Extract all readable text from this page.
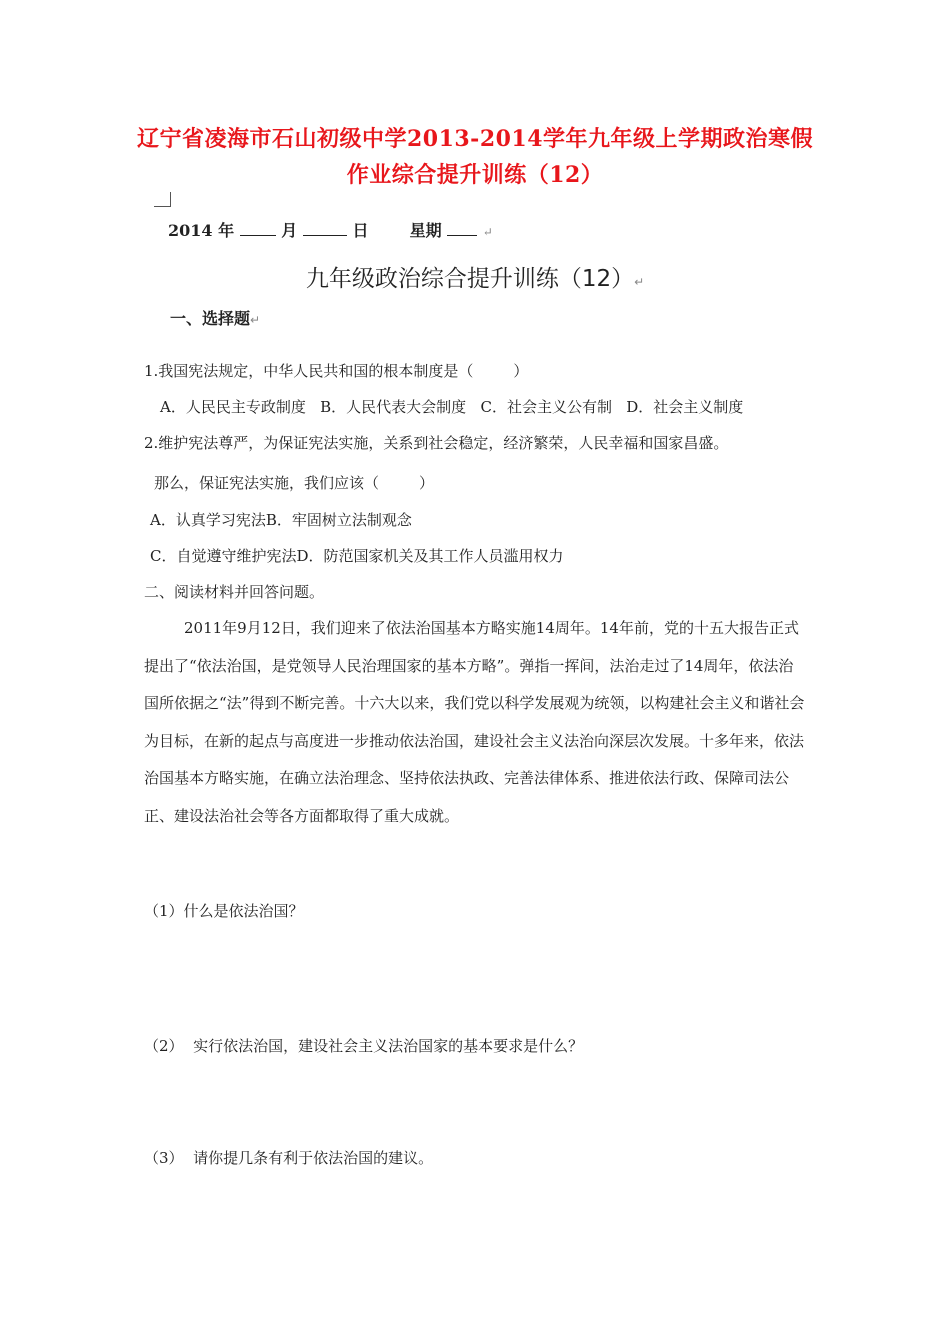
辽宁省凌海市石山初级中学2013-2014学年九年级上学期政治寒假
作业综合提升训练（12）
2014 年	月	日	星期	↵
九年级政治综合提升训练（12）↵
一、选择题↵
1.我国宪法规定，中华人民共和国的根本制度是（	）
A．人民民主专政制度   B．人民代表大会制度   C．社会主义公有制   D．社会主义制度
2.维护宪法尊严，为保证宪法实施，关系到社会稳定，经济繁荣，人民幸福和国家昌盛。
那么，保证宪法实施，我们应该（	）
A．认真学习宪法B．牢固树立法制观念
C．自觉遵守维护宪法D．防范国家机关及其工作人员滥用权力
二、阅读材料并回答问题。
2011年9月12日，我们迎来了依法治国基本方略实施14周年。14年前，党的十五大报告正式提出了“依法治国，是党领导人民治理国家的基本方略”。弹指一挥间，法治走过了14周年，依法治国所依据之“法”得到不断完善。十六大以来，我们党以科学发展观为统领，以构建社会主义和谐社会为目标，在新的起点与高度进一步推动依法治国，建设社会主义法治向深层次发展。十多年来，依法治国基本方略实施，在确立法治理念、坚持依法执政、完善法律体系、推进依法行政、保障司法公正、建设法治社会等各方面都取得了重大成就。
（1）什么是依法治国？
（2）  实行依法治国，建设社会主义法治国家的基本要求是什么？
（3）  请你提几条有利于依法治国的建议。
